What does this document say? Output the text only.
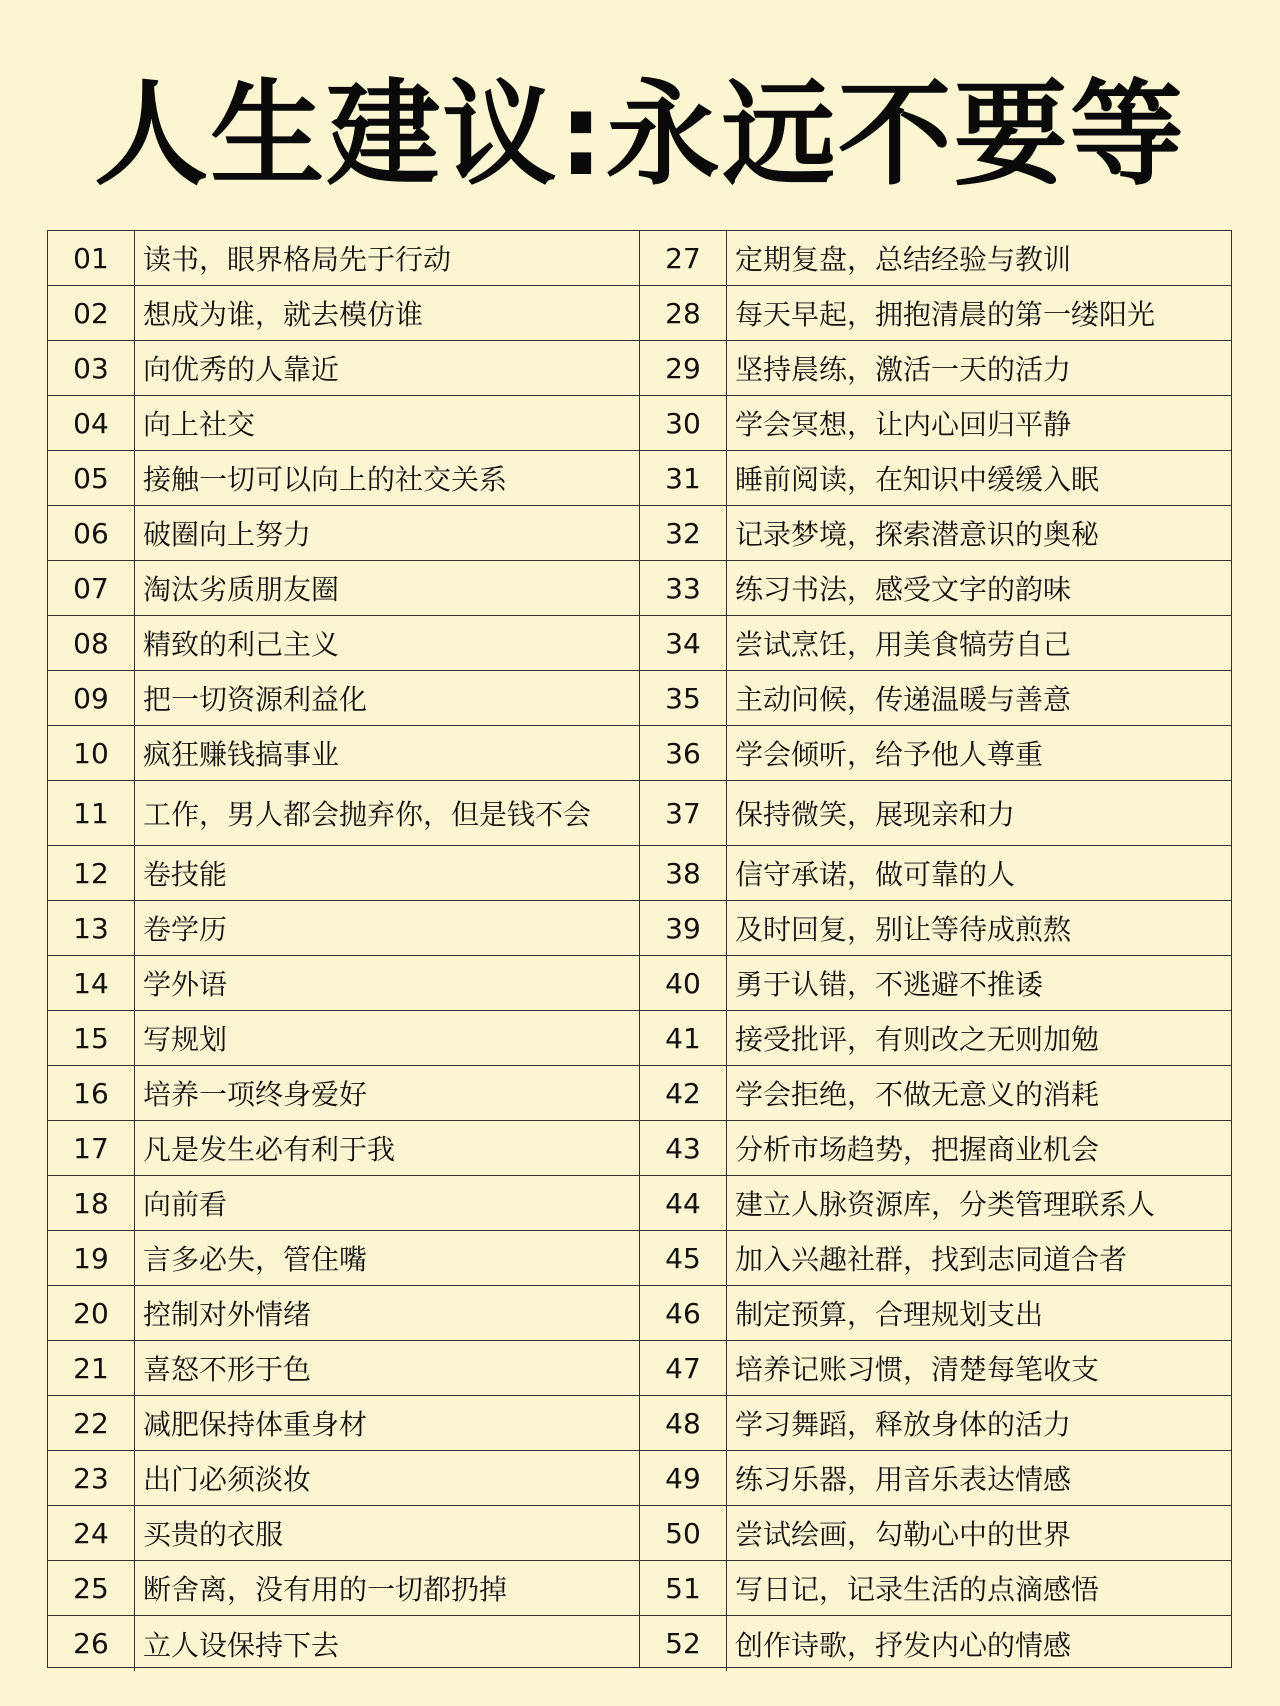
人生建议:永远不要等
01	读书，眼界格局先于行动
02	想成为谁，就去模仿谁
03	向优秀的人靠近
04	向上社交
05	接触一切可以向上的社交关系
06	破圈向上努力
07	淘汰劣质朋友圈
08	精致的利己主义
09	把一切资源利益化
10	疯狂赚钱搞事业
11	工作，男人都会抛弃你，但是钱不会
12	卷技能
13	卷学历
14	学外语
15	写规划
16	培养一项终身爱好
17	凡是发生必有利于我
18	向前看
19	言多必失，管住嘴
20	控制对外情绪
21	喜怒不形于色
22	减肥保持体重身材
23	出门必须淡妆
24	买贵的衣服
25	断舍离，没有用的一切都扔掉
26	立人设保持下去
27	定期复盘，总结经验与教训
28	每天早起，拥抱清晨的第一缕阳光
29	坚持晨练，激活一天的活力
30	学会冥想，让内心回归平静
31	睡前阅读，在知识中缓缓入眠
32	记录梦境，探索潜意识的奥秘
33	练习书法，感受文字的韵味
34	尝试烹饪，用美食犒劳自己
35	主动问候，传递温暖与善意
36	学会倾听，给予他人尊重
37	保持微笑，展现亲和力
38	信守承诺，做可靠的人
39	及时回复，别让等待成煎熬
40	勇于认错，不逃避不推诿
41	接受批评，有则改之无则加勉
42	学会拒绝，不做无意义的消耗
43	分析市场趋势，把握商业机会
44	建立人脉资源库，分类管理联系人
45	加入兴趣社群，找到志同道合者
46	制定预算，合理规划支出
47	培养记账习惯，清楚每笔收支
48	学习舞蹈，释放身体的活力
49	练习乐器，用音乐表达情感
50	尝试绘画，勾勒心中的世界
51	写日记，记录生活的点滴感悟
52	创作诗歌，抒发内心的情感
